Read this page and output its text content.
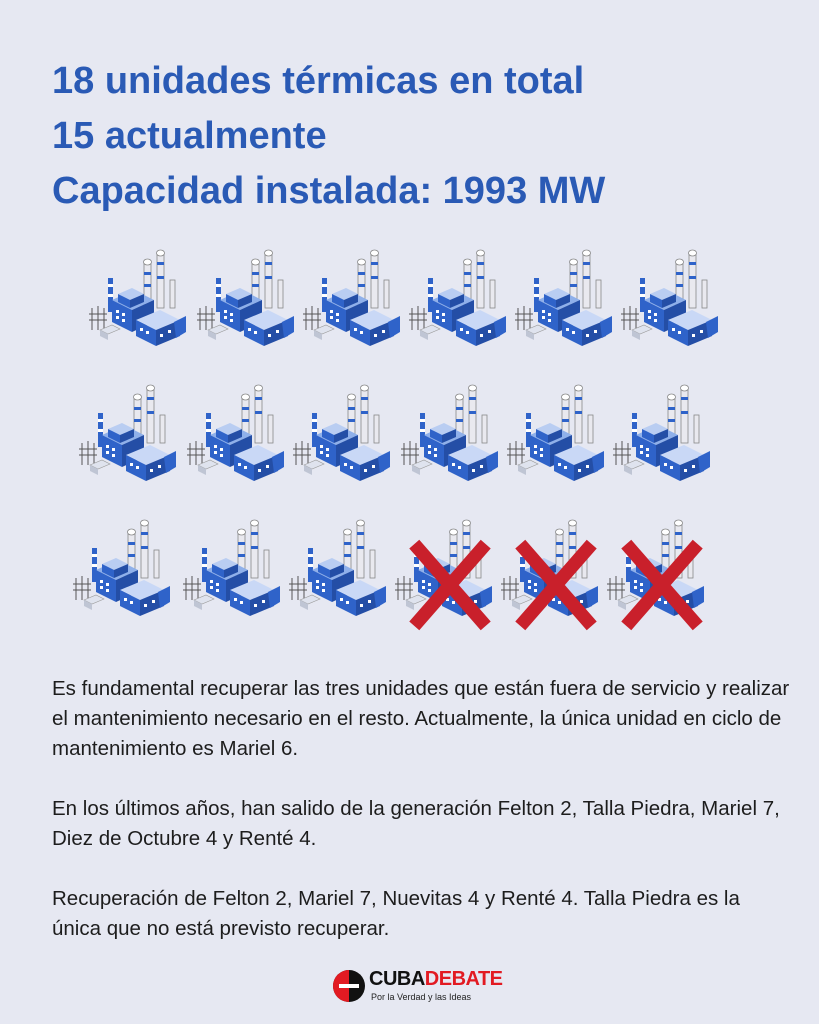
18 unidades térmicas en total
15 actualmente
Capacidad instalada: 1993 MW

Es fundamental recuperar las tres unidades que están fuera de servicio y realizar el mantenimiento necesario en el resto. Actualmente, la única unidad en ciclo de mantenimiento es Mariel 6.

En los últimos años, han salido de la generación Felton 2, Talla Piedra, Mariel 7, Diez de Octubre 4 y Renté 4.

Recuperación de Felton 2, Mariel 7, Nuevitas 4 y Renté 4. Talla Piedra es la única que no está previsto recuperar.

CUBADEBATE
Por la Verdad y las Ideas
